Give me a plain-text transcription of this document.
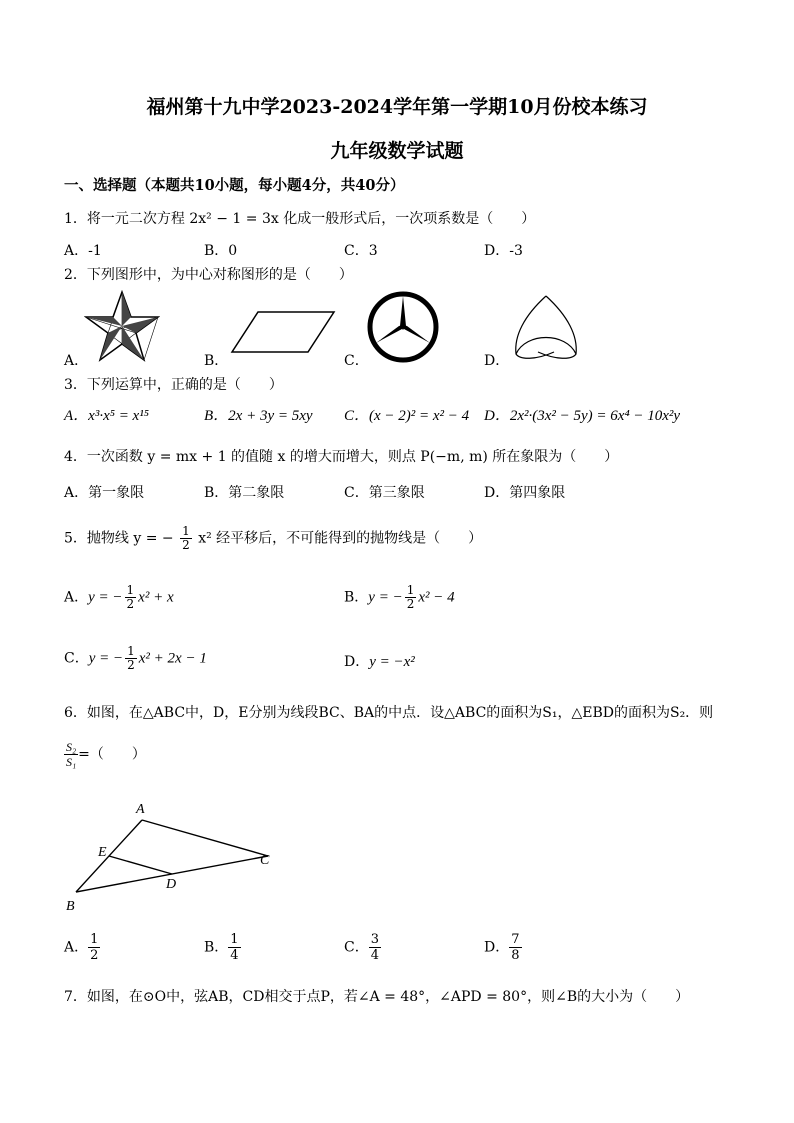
福州第十九中学2023-2024学年第一学期10月份校本练习
九年级数学试题
一、选择题（本题共10小题，每小题4分，共40分）
1．将一元二次方程 2x² − 1 = 3x 化成一般形式后，一次项系数是（　　）
A．-1	B．0	C．3	D．-3
2．下列图形中，为中心对称图形的是（　　）
A．	B．	C．	D．
3．下列运算中，正确的是（　　）
A．x³·x⁵ = x¹⁵	B．2x + 3y = 5xy C．(x − 2)² = x² − 4 D．2x²·(3x² − 5y) = 6x⁴ − 10x²y
4．一次函数 y = mx + 1 的值随 x 的增大而增大，则点 P(−m, m) 所在象限为（　　）
A．第一象限	B．第二象限	C．第三象限	D．第四象限
5．抛物线 y = − $\frac{1}{2} x^2$ 经平移后，不可能得到的抛物线是（　　）
A．y = − $\frac{1}{2} x^2 + x$	B．y = − $\frac{1}{2} x^2 - 4$
C．y = − $\frac{1}{2} x^2 + 2x - 1$	D．y = −x²
6．如图，在△ABC中，D，E分别为线段BC、BA的中点．设△ABC的面积为S₁，△EBD的面积为S₂．则
$\frac{\text{S₂}}{\text{S₁}}$ =（　　）
A
E
C
D
B
A． $\frac{1}{2}$	B． $\frac{1}{4}$	C． $\frac{3}{4}$	D． $\frac{7}{8}$
7．如图，在⊙O中，弦AB，CD相交于点P，若∠A = 48°，∠APD = 80°，则∠B的大小为（　　）
